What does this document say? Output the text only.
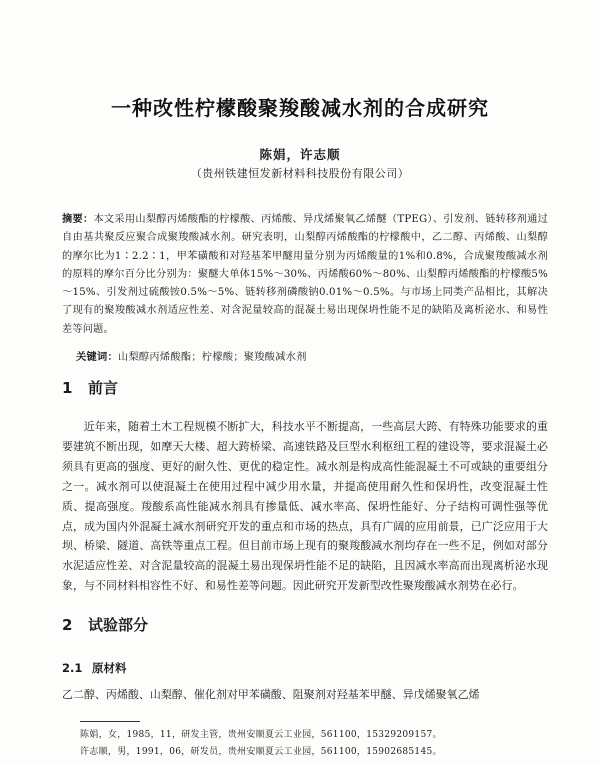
一种改性柠檬酸聚羧酸减水剂的合成研究
陈娟，许志顺
（贵州铁建恒发新材料科技股份有限公司）
摘要：本文采用山梨醇丙烯酸酯的柠檬酸、丙烯酸、异戊烯聚氧乙烯醚（TPEG）、引发剂、链转移剂通过自由基共聚反应聚合成聚羧酸减水剂。研究表明，山梨醇丙烯酸酯的柠檬酸中，乙二醇、丙烯酸、山梨醇的摩尔比为1∶2.2∶1，甲苯磺酸和对羟基苯甲醚用量分别为丙烯酸量的1%和0.8%，合成聚羧酸减水剂的原料的摩尔百分比分别为：聚醚大单体15%～30%、丙烯酸60%～80%、山梨醇丙烯酸酯的柠檬酸5%～15%、引发剂过硫酸铵0.5%～5%、链转移剂磷酸钠0.01%～0.5%。与市场上同类产品相比，其解决了现有的聚羧酸减水剂适应性差、对含泥量较高的混凝土易出现保坍性能不足的缺陷及离析泌水、和易性差等问题。
关键词：山梨醇丙烯酸酯；柠檬酸；聚羧酸减水剂
1 前言
近年来，随着土木工程规模不断扩大，科技水平不断提高，一些高层大跨、有特殊功能要求的重要建筑不断出现，如摩天大楼、超大跨桥梁、高速铁路及巨型水利枢纽工程的建设等，要求混凝土必须具有更高的强度、更好的耐久性、更优的稳定性。减水剂是构成高性能混凝土不可或缺的重要组分之一。减水剂可以使混凝土在使用过程中减少用水量，并提高使用耐久性和保坍性，改变混凝土性质、提高强度。羧酸系高性能减水剂具有掺量低、减水率高、保坍性能好、分子结构可调性强等优点，成为国内外混凝土减水剂研究开发的重点和市场的热点，具有广阔的应用前景，已广泛应用于大坝、桥梁、隧道、高铁等重点工程。但目前市场上现有的聚羧酸减水剂均存在一些不足，例如对部分水泥适应性差、对含泥量较高的混凝土易出现保坍性能不足的缺陷，且因减水率高而出现离析泌水现象，与不同材料相容性不好、和易性差等问题。因此研究开发新型改性聚羧酸减水剂势在必行。
2 试验部分
2.1 原材料
乙二醇、丙烯酸、山梨醇、催化剂对甲苯磺酸、阻聚剂对羟基苯甲醚、异戊烯聚氧乙烯
陈娟，女，1985，11，研发主管，贵州安顺夏云工业园，561100，15329209157。
许志顺，男，1991，06，研发员，贵州安顺夏云工业园，561100，15902685145。
